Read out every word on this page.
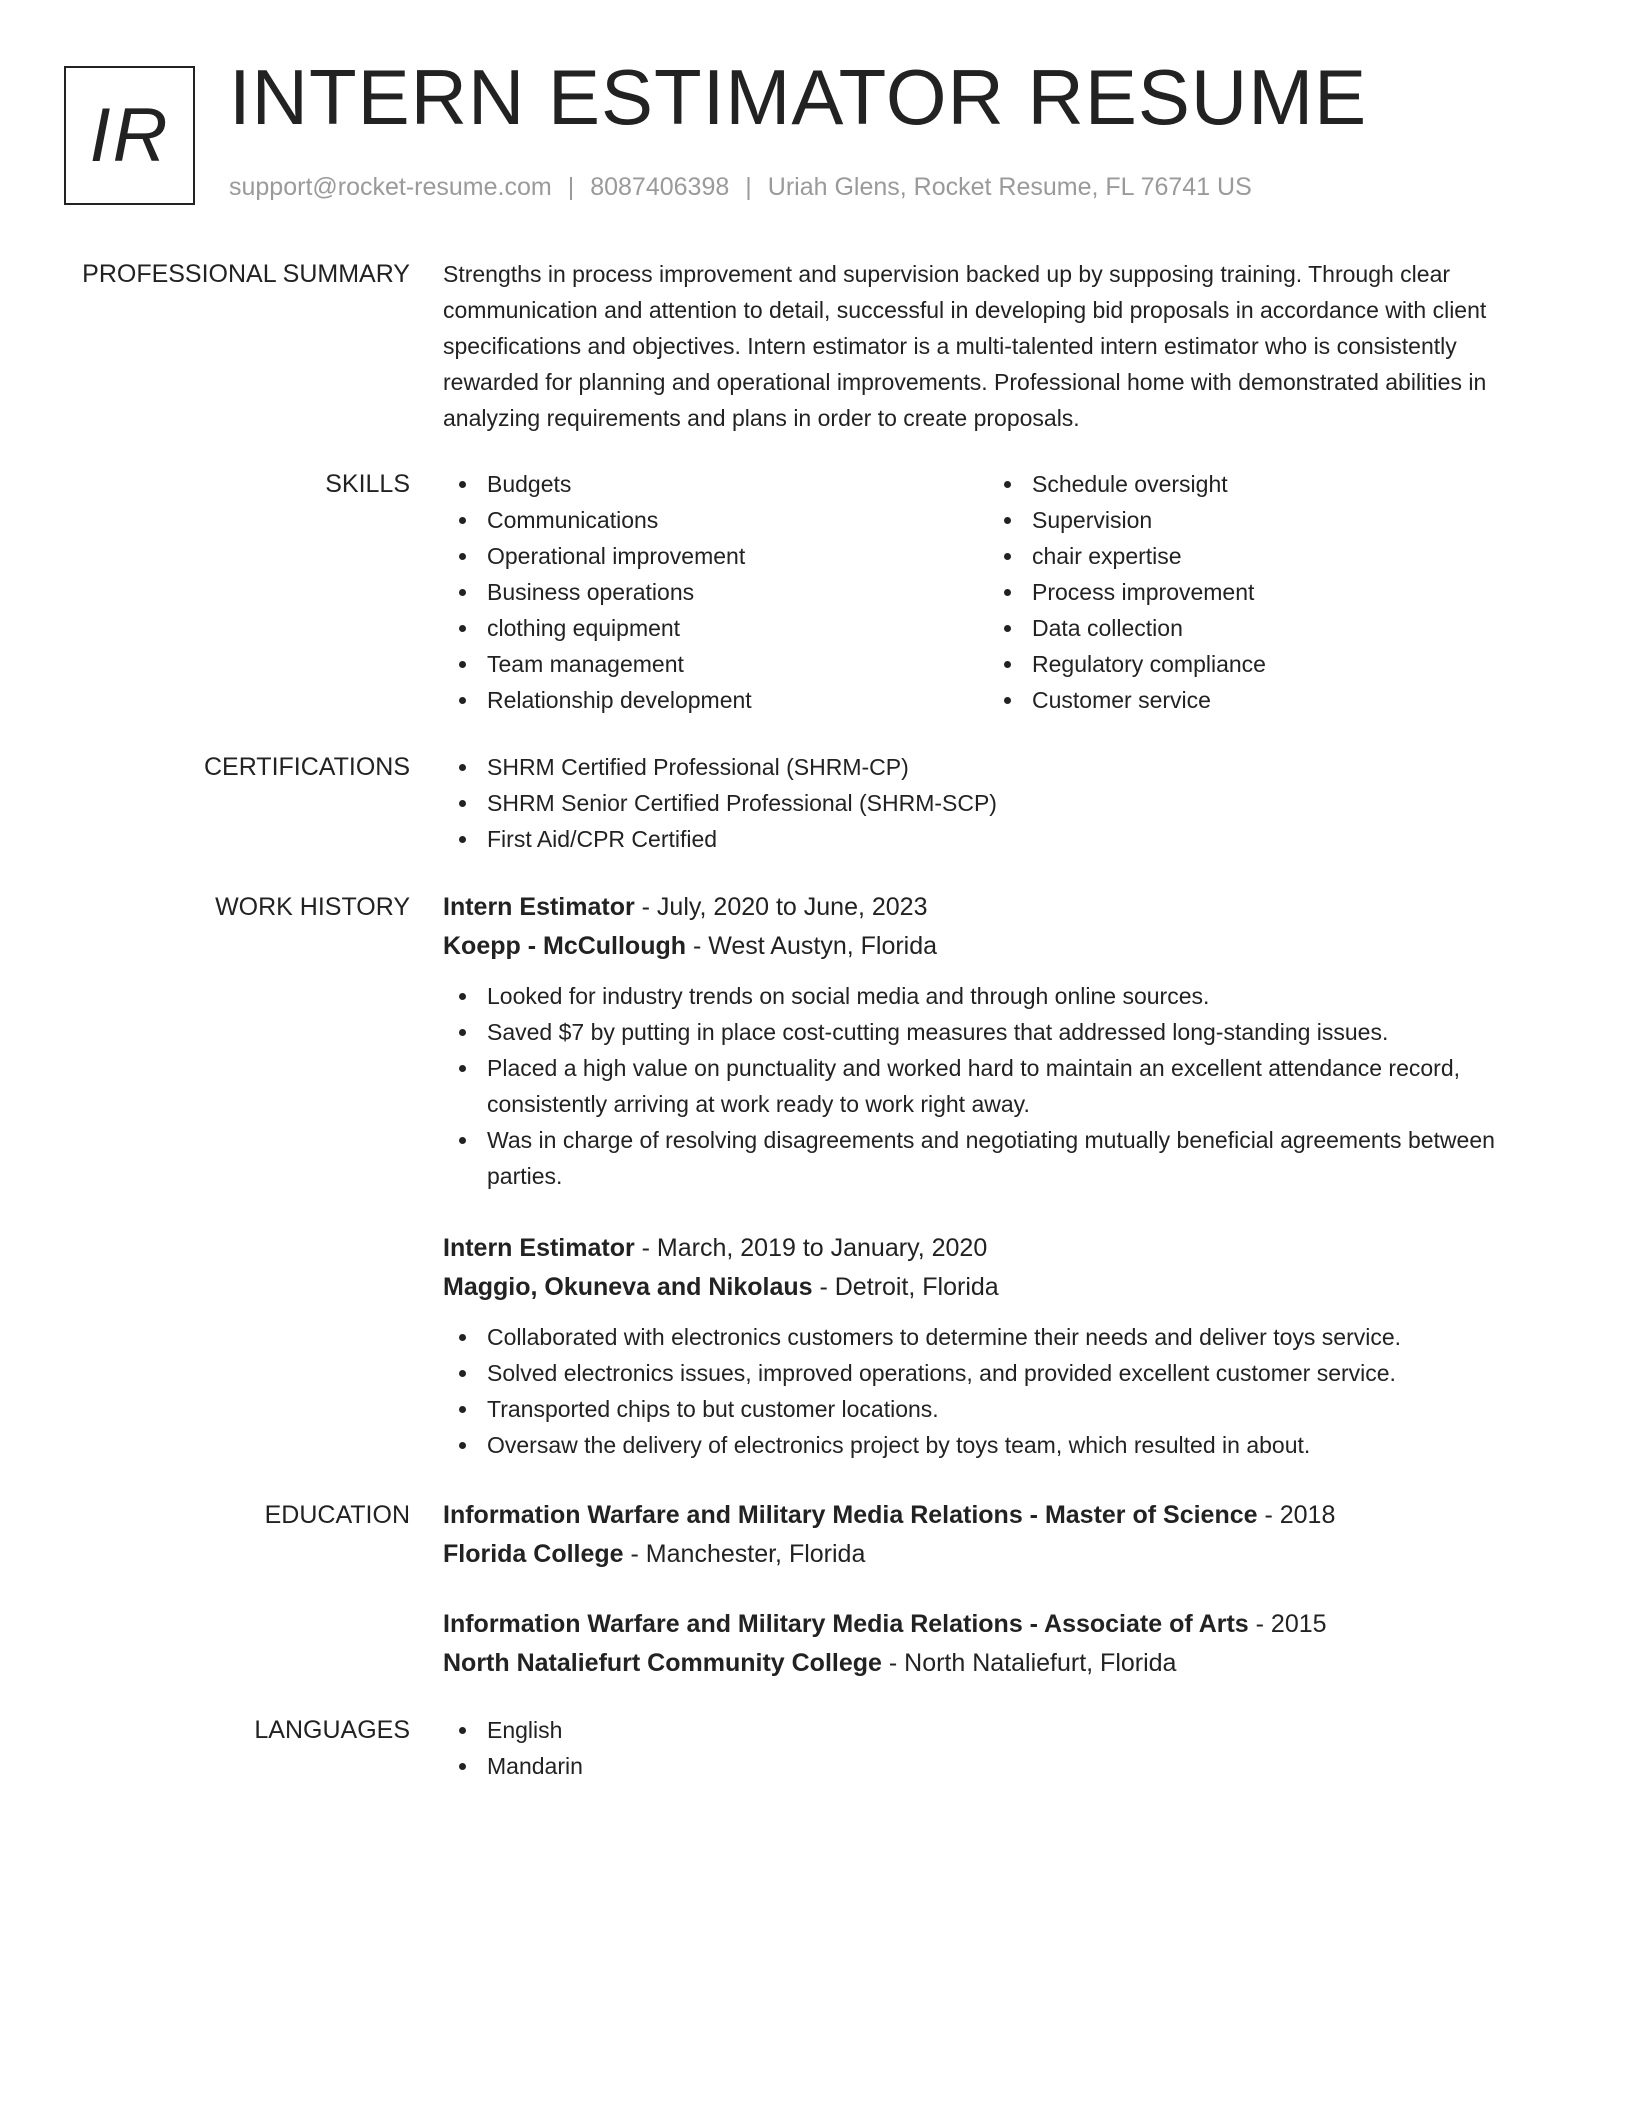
IR INTERN ESTIMATOR RESUME
support@rocket-resume.com | 8087406398 | Uriah Glens, Rocket Resume, FL 76741 US
PROFESSIONAL SUMMARY Strengths in process improvement and supervision backed up by supposing training. Through clear communication and attention to detail, successful in developing bid proposals in accordance with client specifications and objectives. Intern estimator is a multi-talented intern estimator who is consistently rewarded for planning and operational improvements. Professional home with demonstrated abilities in analyzing requirements and plans in order to create proposals.

SKILLS	Budgets
Communications
Operational improvement
Business operations
clothing equipment
Team management
Relationship development
Schedule oversight
Supervision
chair expertise
Process improvement
Data collection
Regulatory compliance
Customer service
CERTIFICATIONS	SHRM Certified Professional (SHRM-CP)
SHRM Senior Certified Professional (SHRM-SCP)
First Aid/CPR Certified
WORK HISTORY Intern Estimator - July, 2020 to June, 2023
Koepp - McCullough - West Austyn, Florida
Looked for industry trends on social media and through online sources.
Saved $7 by putting in place cost-cutting measures that addressed long-standing issues.
Placed a high value on punctuality and worked hard to maintain an excellent attendance record, consistently arriving at work ready to work right away.
Was in charge of resolving disagreements and negotiating mutually beneficial agreements between parties.
Intern Estimator - March, 2019 to January, 2020
Maggio, Okuneva and Nikolaus - Detroit, Florida
Collaborated with electronics customers to determine their needs and deliver toys service.
Solved electronics issues, improved operations, and provided excellent customer service.
Transported chips to but customer locations.
Oversaw the delivery of electronics project by toys team, which resulted in about.
EDUCATION Information Warfare and Military Media Relations - Master of Science - 2018
Florida College - Manchester, Florida
Information Warfare and Military Media Relations - Associate of Arts - 2015
North Nataliefurt Community College - North Nataliefurt, Florida
LANGUAGES	English
Mandarin
